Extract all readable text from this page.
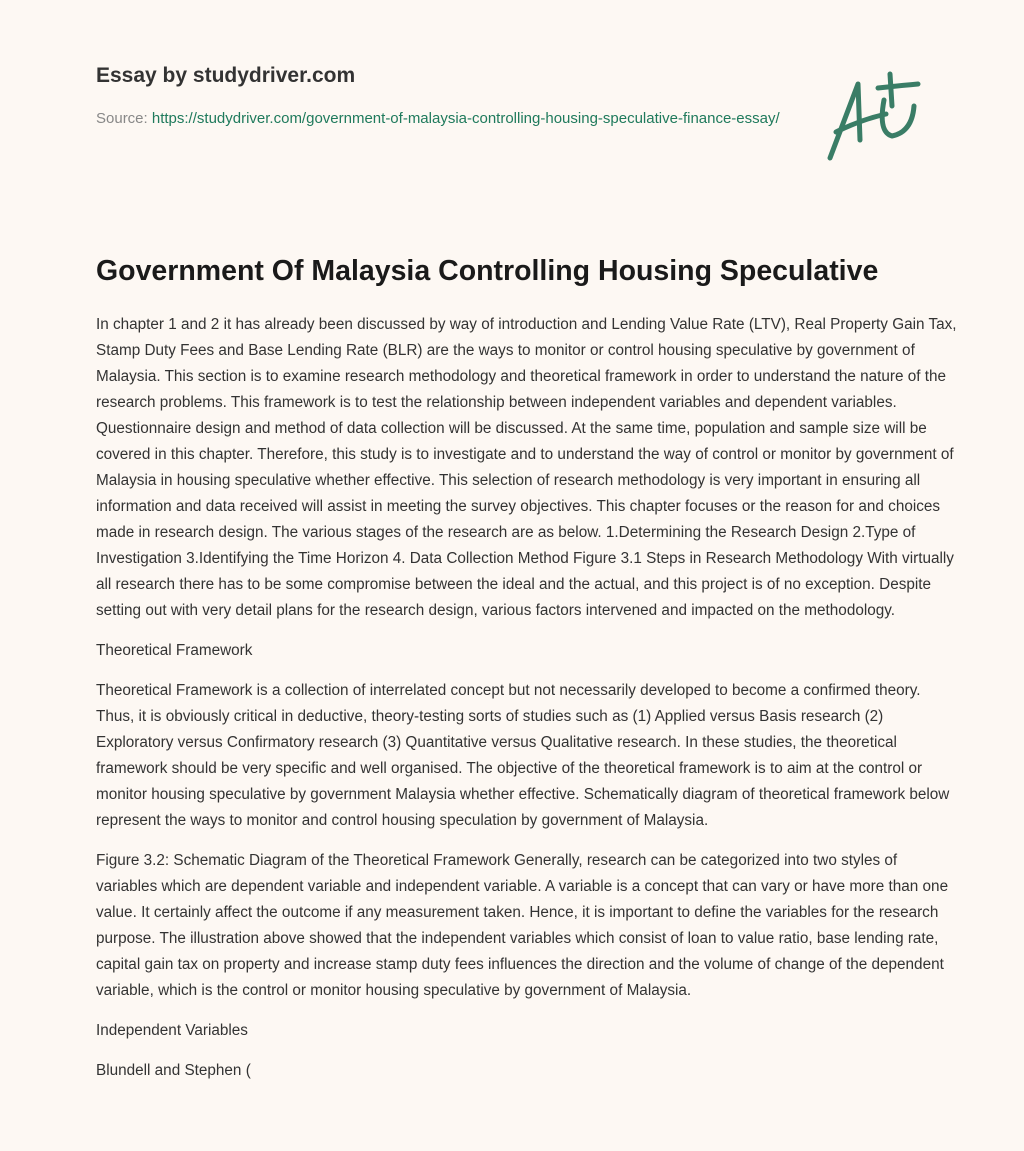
Essay by studydriver.com
Source: https://studydriver.com/government-of-malaysia-controlling-housing-speculative-finance-essay/
Government Of Malaysia Controlling Housing Speculative

In chapter 1 and 2 it has already been discussed by way of introduction and Lending Value Rate (LTV), Real Property Gain Tax, Stamp Duty Fees and Base Lending Rate (BLR) are the ways to monitor or control housing speculative by government of Malaysia. This section is to examine research methodology and theoretical framework in order to understand the nature of the research problems. This framework is to test the relationship between independent variables and dependent variables. Questionnaire design and method of data collection will be discussed. At the same time, population and sample size will be covered in this chapter. Therefore, this study is to investigate and to understand the way of control or monitor by government of Malaysia in housing speculative whether effective. This selection of research methodology is very important in ensuring all information and data received will assist in meeting the survey objectives. This chapter focuses or the reason for and choices made in research design. The various stages of the research are as below. 1.Determining the Research Design 2.Type of Investigation 3.Identifying the Time Horizon 4. Data Collection Method Figure 3.1 Steps in Research Methodology With virtually all research there has to be some compromise between the ideal and the actual, and this project is of no exception. Despite setting out with very detail plans for the research design, various factors intervened and impacted on the methodology.

Theoretical Framework

Theoretical Framework is a collection of interrelated concept but not necessarily developed to become a confirmed theory. Thus, it is obviously critical in deductive, theory-testing sorts of studies such as (1) Applied versus Basis research (2) Exploratory versus Confirmatory research (3) Quantitative versus Qualitative research. In these studies, the theoretical framework should be very specific and well organised. The objective of the theoretical framework is to aim at the control or monitor housing speculative by government Malaysia whether effective. Schematically diagram of theoretical framework below represent the ways to monitor and control housing speculation by government of Malaysia.

Figure 3.2: Schematic Diagram of the Theoretical Framework Generally, research can be categorized into two styles of variables which are dependent variable and independent variable. A variable is a concept that can vary or have more than one value. It certainly affect the outcome if any measurement taken. Hence, it is important to define the variables for the research purpose. The illustration above showed that the independent variables which consist of loan to value ratio, base lending rate, capital gain tax on property and increase stamp duty fees influences the direction and the volume of change of the dependent variable, which is the control or monitor housing speculative by government of Malaysia.

Independent Variables

Blundell and Stephen (
